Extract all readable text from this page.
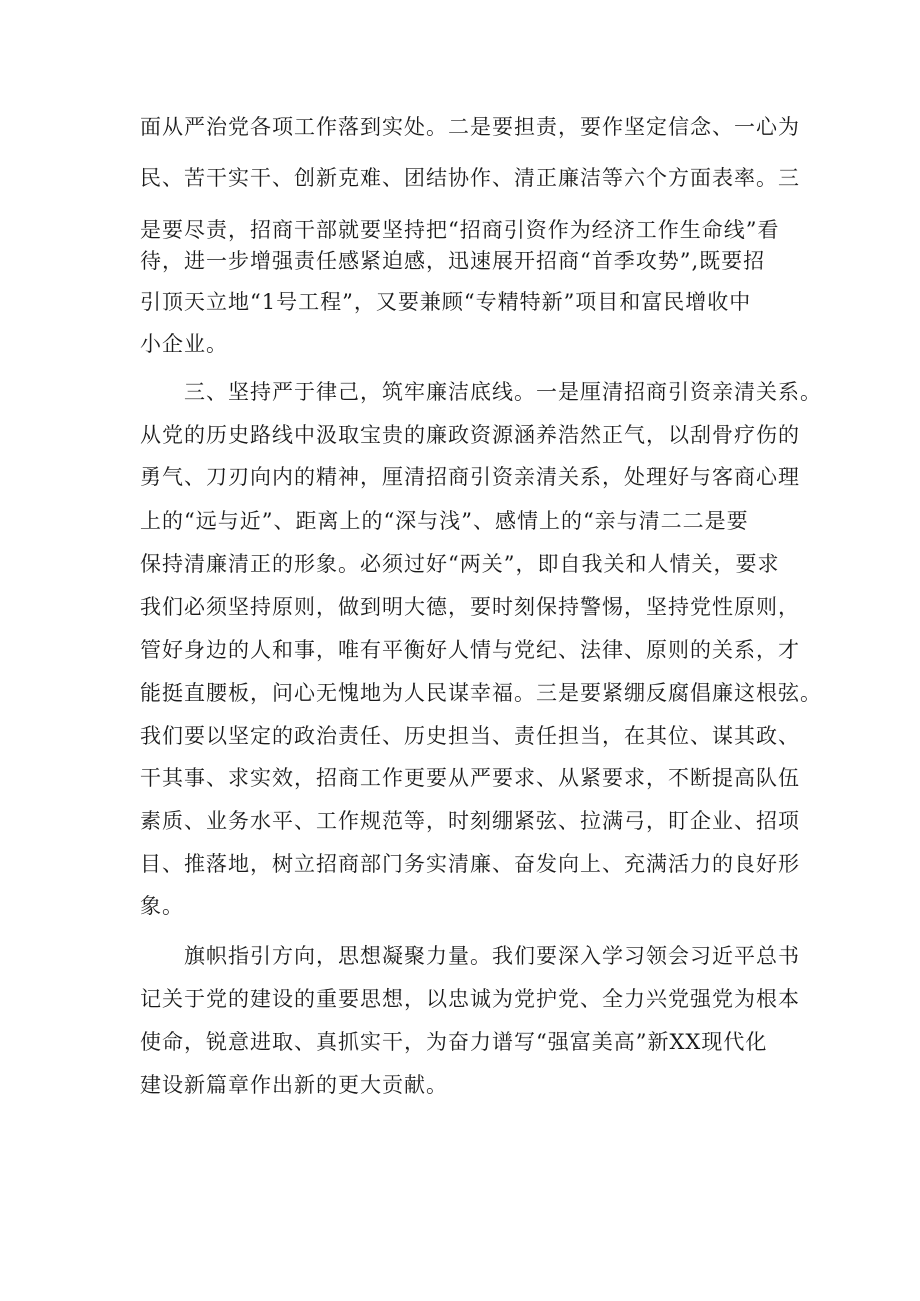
面从严治党各项工作落到实处。二是要担责，要作坚定信念、一心为
民、苦干实干、创新克难、团结协作、清正廉洁等六个方面表率。三
是要尽责，招商干部就要坚持把“招商引资作为经济工作生命线”看
待，进一步增强责任感紧迫感，迅速展开招商“首季攻势”,既要招
引顶天立地“1号工程”，又要兼顾“专精特新”项目和富民增收中
小企业。
三、坚持严于律己，筑牢廉洁底线。一是厘清招商引资亲清关系。
从党的历史路线中汲取宝贵的廉政资源涵养浩然正气，以刮骨疗伤的
勇气、刀刃向内的精神，厘清招商引资亲清关系，处理好与客商心理
上的“远与近”、距离上的“深与浅”、感情上的“亲与清二二是要
保持清廉清正的形象。必须过好“两关”，即自我关和人情关，要求
我们必须坚持原则，做到明大德，要时刻保持警惕，坚持党性原则，
管好身边的人和事，唯有平衡好人情与党纪、法律、原则的关系，才
能挺直腰板，问心无愧地为人民谋幸福。三是要紧绷反腐倡廉这根弦。
我们要以坚定的政治责任、历史担当、责任担当，在其位、谋其政、
干其事、求实效，招商工作更要从严要求、从紧要求，不断提高队伍
素质、业务水平、工作规范等，时刻绷紧弦、拉满弓，盯企业、招项
目、推落地，树立招商部门务实清廉、奋发向上、充满活力的良好形
象。
旗帜指引方向，思想凝聚力量。我们要深入学习领会习近平总书
记关于党的建设的重要思想，以忠诚为党护党、全力兴党强党为根本
使命，锐意进取、真抓实干，为奋力谱写“强富美高”新XX现代化
建设新篇章作出新的更大贡献。
